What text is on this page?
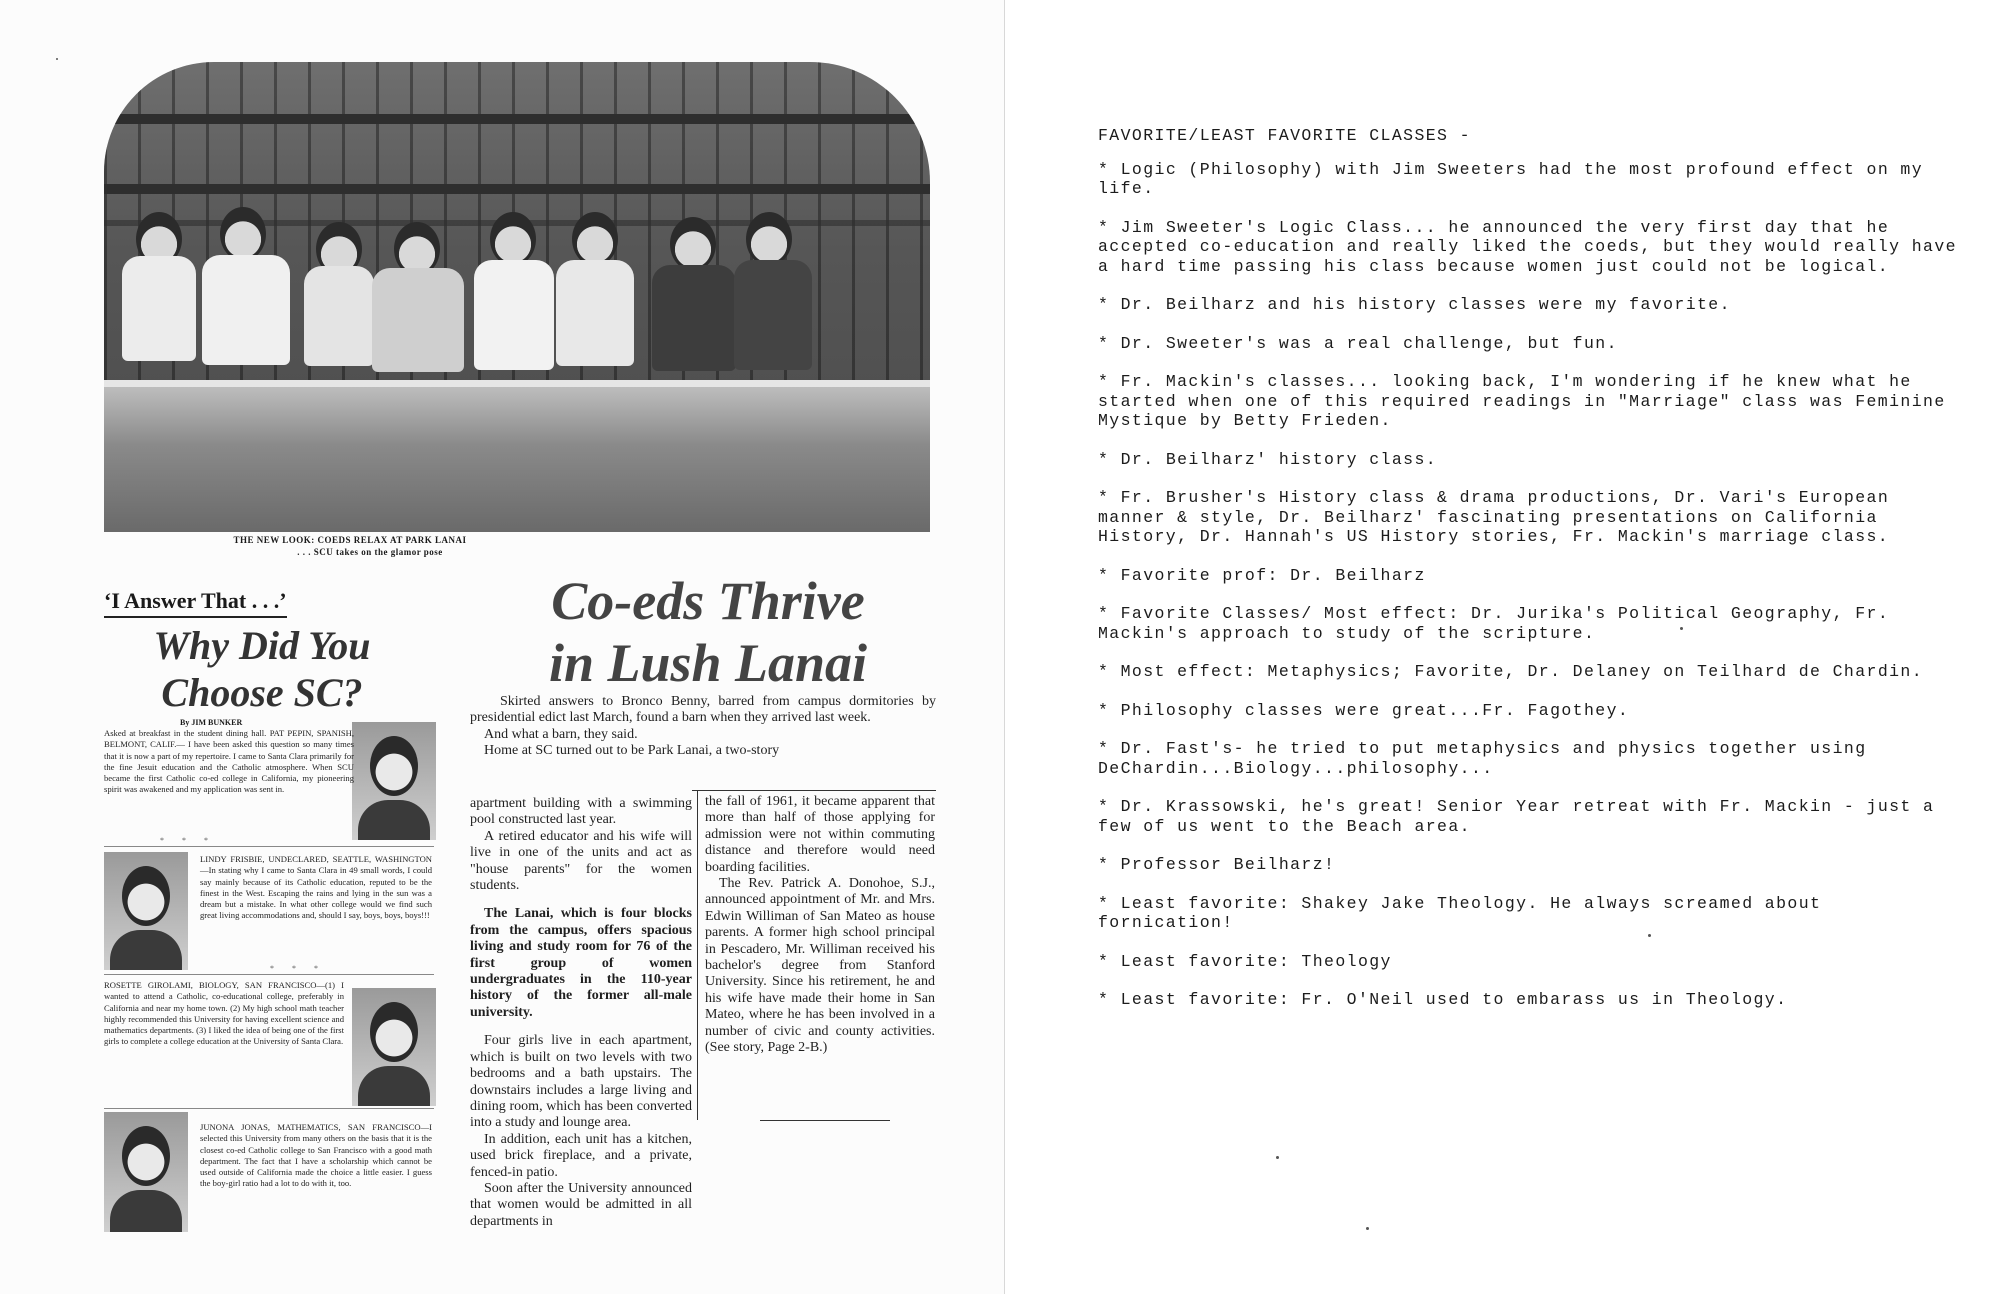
THE NEW LOOK: COEDS RELAX AT PARK LANAI
. . . SCU takes on the glamor pose
‘I Answer That . . .’
Why Did You
Choose SC?
By JIM BUNKER
Asked at breakfast in the student dining hall. PAT PEPIN, SPANISH, BELMONT, CALIF.— I have been asked this question so many times that it is now a part of my repertoire. I came to Santa Clara primarily for the fine Jesuit education and the Catholic atmosphere. When SCU became the first Catholic co-ed college in California, my pioneering spirit was awakened and my application was sent in.
* * *
LINDY FRISBIE, UNDECLARED, SEATTLE, WASHINGTON—In stating why I came to Santa Clara in 49 small words, I could say mainly because of its Catholic education, reputed to be the finest in the West. Escaping the rains and lying in the sun was a dream but a mistake. In what other college would we find such great living accommodations and, should I say, boys, boys, boys!!!
* * *
ROSETTE GIROLAMI, BIOLOGY, SAN FRANCISCO—(1) I wanted to attend a Catholic, co-educational college, preferably in California and near my home town. (2) My high school math teacher highly recommended this University for having excellent science and mathematics departments. (3) I liked the idea of being one of the first girls to complete a college education at the University of Santa Clara.
JUNONA JONAS, MATHEMATICS, SAN FRANCISCO—I selected this University from many others on the basis that it is the closest co-ed Catholic college to San Francisco with a good math department. The fact that I have a scholarship which cannot be used outside of California made the choice a little easier. I guess the boy-girl ratio had a lot to do with it, too.
Co-eds Thrive
in Lush Lanai
Skirted answers to Bronco Benny, barred from campus dormitories by presidential edict last March, found a barn when they arrived last week.
And what a barn, they said.
Home at SC turned out to be Park Lanai, a two-story
apartment building with a swimming pool constructed last year.
A retired educator and his wife will live in one of the units and act as "house parents" for the women students.
The Lanai, which is four blocks from the campus, offers spacious living and study room for 76 of the first group of women undergraduates in the 110-year history of the former all-male university.
Four girls live in each apartment, which is built on two levels with two bedrooms and a bath upstairs. The downstairs includes a large living and dining room, which has been converted into a study and lounge area.
In addition, each unit has a kitchen, used brick fireplace, and a private, fenced-in patio.
Soon after the University announced that women would be admitted in all departments in
the fall of 1961, it became apparent that more than half of those applying for admission were not within commuting distance and therefore would need boarding facilities.
The Rev. Patrick A. Donohoe, S.J., announced appointment of Mr. and Mrs. Edwin Williman of San Mateo as house parents. A former high school principal in Pescadero, Mr. Williman received his bachelor's degree from Stanford University. Since his retirement, he and his wife have made their home in San Mateo, where he has been involved in a number of civic and county activities. (See story, Page 2-B.)
FAVORITE/LEAST FAVORITE CLASSES -
* Logic (Philosophy) with Jim Sweeters had the most profound effect on my life.
* Jim Sweeter's Logic Class... he announced the very first day that he accepted co-education and really liked the coeds, but they would really have a hard time passing his class because women just could not be logical.
* Dr. Beilharz and his history classes were my favorite.
* Dr. Sweeter's was a real challenge, but fun.
* Fr. Mackin's classes... looking back, I'm wondering if he knew what he started when one of this required readings in "Marriage" class was Feminine Mystique by Betty Frieden.
* Dr. Beilharz' history class.
* Fr. Brusher's History class & drama productions, Dr. Vari's European manner & style, Dr. Beilharz' fascinating presentations on California History, Dr. Hannah's US History stories, Fr. Mackin's marriage class.
* Favorite prof: Dr. Beilharz
* Favorite Classes/ Most effect: Dr. Jurika's Political Geography, Fr. Mackin's approach to study of the scripture.
* Most effect: Metaphysics; Favorite, Dr. Delaney on Teilhard de Chardin.
* Philosophy classes were great...Fr. Fagothey.
* Dr. Fast's- he tried to put metaphysics and physics together using DeChardin...Biology...philosophy...
* Dr. Krassowski, he's great! Senior Year retreat with Fr. Mackin - just a few of us went to the Beach area.
* Professor Beilharz!
* Least favorite: Shakey Jake Theology. He always screamed about fornication!
* Least favorite: Theology
* Least favorite: Fr. O'Neil used to embarass us in Theology.
